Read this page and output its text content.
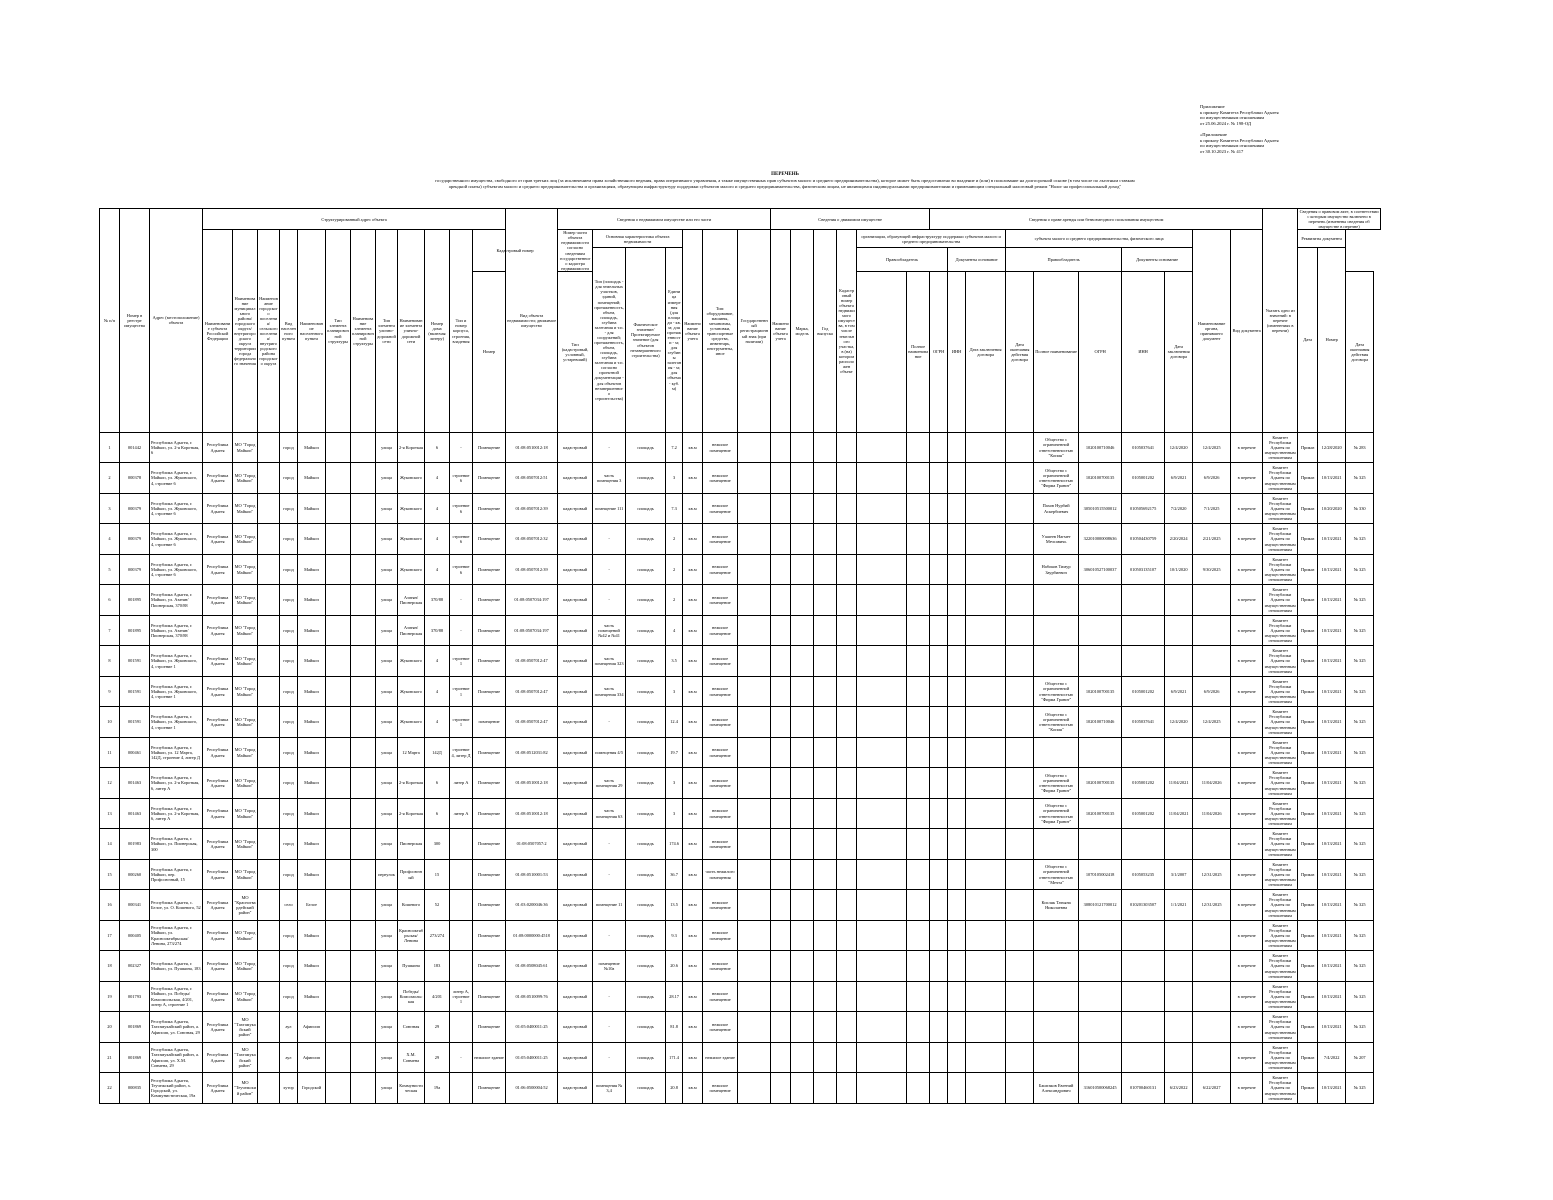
Приложение

к приказу Комитета Республики Адыгея

по имущественным отношениям

от 25.06.2024 г. № 198-ОД

«Приложение

к приказу Комитета Республики Адыгея

по имущественным отношениям

от 30.10.2023 г. № 417

ПЕРЕЧЕНЬ
государственного имущества, свободного от прав третьих лиц (за исключением права хозяйственного ведения, права оперативного управления, а также имущественных прав субъектов малого и среднего предпринимательства), которое может быть предоставлено во владение и (или) в пользование на долгосрочной основе (в том числе по льготным ставкам арендной платы) субъектам малого и среднего предпринимательства и организациям, образующим инфраструктуру поддержки субъектов малого и среднего предпринимательства, физическим лицам, не являющимся индивидуальными предпринимателями и применяющим специальный налоговый режим "Налог на профессиональный доход"
№ п/п	Номер в реестре имущества	Адрес (местоположение) объекта	Структурированный адрес объекта												Вид объекта недвижимости; движимое имущество	Сведения о недвижимом имуществе или его части							Сведения о движимом имуществе						Сведения о праве аренды или безвозмездного пользования имуществом										Указать одно из значений: в перечне (изменениях в перечни)	Сведения о правовом акте, в соответствии с которым имущество включено в перечень (изменены сведения об имуществе в перечне)		
			Наименование субъекта Российской Федерации	Наименование муниципального района/ городского округа/ внутригородского округа территории города федерального значения	Наименование городского поселения/ сельского поселения/ внутригородского района городского округа	Вид населенного пункта	Наименование населенного пункта	Тип элемента планировочной структуры	Наименование элемента планировочной структуры	Тип элемента улично-дорожной сети	Наименование элемента улично-дорожной сети	Номер дома (включая литеру)	Тип и номер корпуса, строения, владения	Кадастровый номер		Номер части объекта недвижимости согласно сведениям государственного кадастра недвижимости	Основная характеристика объекта недвижимости			Наименование объекта учета	Тип: оборудование, машины, механизмы, установки, транспортные средства, инвентарь, инструменты, иное	Государственный регистрационный знак (при наличии)	Наименование объекта учета	Марка, модель	Год выпуска	Кадастровый номер объекта недвижимого имущества, в том числе земельного участка, в (на) котором расположен объект	организации, образующей инфраструктуру поддержки субъектов малого и среднего предпринимательства					субъекта малого и среднего предпринимательства, физического лица					Наименование органа, принявшего документ	Вид документа		Реквизиты документа		
																	Тип (площадь - для земельных участков, зданий, помещений; протяженность, объем, площадь, глубина залегания и т.п. - для сооружений; протяженность, объем, площадь, глубина залегания и т.п. согласно проектной документации - для объектов незавершенного строительства)	Фактическое значение/ Проектируемое значение (для объектов незавершенного строительства)	Единица измерения (для площади - кв. м; для протяженности - м; для глубины залегания - м; для объема - куб. м)								Правообладатель			Документы основание		Правообладатель			Документы основание					Дата	Номер	
														Номер		Тип (кадастровый, условный, устаревший)												Полное наименование	ОГРН	ИНН	Дата заключения договора	Дата окончания действия договора	Полное наименование	ОГРН	ИНН	Дата заключения договора						Дата окончания действия договора

1	001442	Республика Адыгея, г. Майкоп, ул. 2-я Короткая, 6	Республика Адыгея	МО "Город Майкоп"		город	Майкоп			улица	2-я Короткая	6	-	Помещение	01:08:0510012:18	кадастровый	-	площадь	7.2	кв.м	нежилое помещение												Общество с ограниченной ответственностью "Копия"	1020100710046	0105037641	12/4/2020	12/4/2025	в перечне	Комитет Республики Адыгея по имущественным отношениям	Приказ	12/28/2020	№ 283
2	000378	Республика Адыгея, г. Майкоп, ул. Жуковского, 4, строение 6	Республика Адыгея	МО "Город Майкоп"		город	Майкоп			улица	Жуковского	4	строение 6	Помещение	01:08:0507012:51	кадастровый	часть помещения 3	площадь	3	кв.м	нежилое помещение												Общество с ограниченной ответственностью "Фирма Гранит"	1020100700135	0105001202	6/9/2021	6/9/2026	в перечне	Комитет Республики Адыгея по имущественным отношениям	Приказ	10/13/2021	№ 325
3	000379	Республика Адыгея, г. Майкоп, ул. Жуковского, 4, строение 6	Республика Адыгея	МО "Город Майкоп"		город	Майкоп			улица	Жуковского	4	строение 6	Помещение	01:08:0507012:39	кадастровый	помещение 111	площадь	7.3	кв.м	нежилое помещение												Пахов Нурбий Аскербиевич	305010515500012	010505692175	7/2/2020	7/1/2025	в перечне	Комитет Республики Адыгея по имущественным отношениям	Приказ	10/20/2020	№ 330
4	000379	Республика Адыгея, г. Майкоп, ул. Жуковского, 4, строение 6	Республика Адыгея	МО "Город Майкоп"		город	Майкоп			улица	Жуковского	4	строение 6	Помещение	01:08:0507012:32	кадастровый	-	площадь	2	кв.м	нежилое помещение												Уашеев Нагмет Мечсавичь	322010000008636	010504430759	2/20/2024	2/21/2025	в перечне	Комитет Республики Адыгея по имущественным отношениям	Приказ	10/13/2021	№ 325
5	000379	Республика Адыгея, г. Майкоп, ул. Жуковского, 4, строение 6	Республика Адыгея	МО "Город Майкоп"		город	Майкоп			улица	Жуковского	4	строение 6	Помещение	01:08:0507012:39	кадастровый	-	площадь	2	кв.м	нежилое помещение												Набоков Тимур Заурбиевич	306010527100037	010503135107	10/1/2020	9/30/2025	в перечне	Комитет Республики Адыгея по имущественным отношениям	Приказ	10/13/2021	№ 325
6	001895	Республика Адыгея, г. Майкоп, ул. Азатян/Пионерская, 370/88	Республика Адыгея	МО "Город Майкоп"		город	Майкоп			улица	Азатян/Пионерская	370/88	-	Помещение	01:08:0507034:197	кадастровый	-	площадь	2	кв.м	нежилое помещение																	в перечне	Комитет Республики Адыгея по имущественным отношениям	Приказ	10/13/2021	№ 325
7	001895	Республика Адыгея, г. Майкоп, ул. Азатян/Пионерская, 370/88	Республика Адыгея	МО "Город Майкоп"		город	Майкоп			улица	Азатян/Пионерская	370/88	-	Помещение	01:08:0507034:197	кадастровый	часть помещений №42 и №41	площадь	4	кв.м	нежилое помещение																	в перечне	Комитет Республики Адыгея по имущественным отношениям	Приказ	10/13/2021	№ 325
8	001591	Республика Адыгея, г. Майкоп, ул. Жуковского, 4, строение 1	Республика Адыгея	МО "Город Майкоп"		город	Майкоп			улица	Жуковского	4	строение 1	Помещение	01:08:0507012:47	кадастровый	часть помещения 323	площадь	3.5	кв.м	нежилое помещение																	в перечне	Комитет Республики Адыгея по имущественным отношениям	Приказ	10/13/2021	№ 325
9	001591	Республика Адыгея, г. Майкоп, ул. Жуковского, 4, строение 1	Республика Адыгея	МО "Город Майкоп"		город	Майкоп			улица	Жуковского	4	строение 1	Помещение	01:08:0507012:47	кадастровый	часть помещения 334	площадь	3	кв.м	нежилое помещение												Общество с ограниченной ответственностью "Фирма Гранит"	1020100700135	0105001202	6/9/2021	6/9/2026	в перечне	Комитет Республики Адыгея по имущественным отношениям	Приказ	10/13/2021	№ 325
10	001591	Республика Адыгея, г. Майкоп, ул. Жуковского, 4, строение 1	Республика Адыгея	МО "Город Майкоп"		город	Майкоп			улица	Жуковского	4	строение 1	помещение	01:08:0507012:47	кадастровый	-	площадь	12.4	кв.м	нежилое помещение												Общество с ограниченной ответственностью "Копия"	1020100710046	0105037641	12/4/2020	12/4/2025	в перечне	Комитет Республики Адыгея по имущественным отношениям	Приказ	10/13/2021	№ 325
11	000461	Республика Адыгея, г. Майкоп, ул. 12 Марта, 142Д, строение 4, литер Д	Республика Адыгея	МО "Город Майкоп"		город	Майкоп			улица	12 Марта	142Д	строение 4, литер Д	Помещение	01:08:0512031:82	кадастровый	помещения 4/5	площадь	19.7	кв.м	нежилое помещение																	в перечне	Комитет Республики Адыгея по имущественным отношениям	Приказ	10/13/2021	№ 325
12	001463	Республика Адыгея, г. Майкоп, ул. 2-я Короткая, 6, литер А	Республика Адыгея	МО "Город Майкоп"		город	Майкоп			улица	2-я Короткая	6	литер А	Помещение	01:08:0510012:18	кадастровый	часть помещения 29	площадь	3	кв.м	нежилое помещение												Общество с ограниченной ответственностью "Фирма Гранит"	1020100700135	0105001202	11/04/2021	11/04/2026	в перечне	Комитет Республики Адыгея по имущественным отношениям	Приказ	10/13/2021	№ 325
13	001463	Республика Адыгея, г. Майкоп, ул. 2-я Короткая, 6, литер А	Республика Адыгея	МО "Город Майкоп"		город	Майкоп			улица	2-я Короткая	6	литер А	Помещение	01:08:0510012:18	кадастровый	часть помещения 63	площадь	3	кв.м	нежилое помещение												Общество с ограниченной ответственностью "Фирма Гранит"	1020100700135	0105001202	11/04/2021	11/04/2026	в перечне	Комитет Республики Адыгея по имущественным отношениям	Приказ	10/13/2021	№ 325
14	001983	Республика Адыгея, г. Майкоп, ул. Пионерская, 300	Республика Адыгея	МО "Город Майкоп"		город	Майкоп			улица	Пионерская	300		Помещение	01:08:0507057:2	кадастровый	-	площадь	174.6	кв.м	нежилое помещение																	в перечне	Комитет Республики Адыгея по имущественным отношениям	Приказ	10/13/2021	№ 325
15	000260	Республика Адыгея, г. Майкоп, пер. Профсоюзный, 15	Республика Адыгея	МО "Город Майкоп"		город	Майкоп			переулок	Профсоюзный	15		Помещение	01:08:0510001:53	кадастровый	-	площадь	36.7	кв.м	часть нежилого помещения												Общество с ограниченной ответственностью "Мечта"	1070105002418	0105053235	3/1/2007	12/31/2025	в перечне	Комитет Республики Адыгея по имущественным отношениям	Приказ	10/13/2021	№ 325
16	000341	Республика Адыгея, с. Белое, ул. О. Кошевого, 52	Республика Адыгея	МО "Красногвардейский район"		село	Белое			улица	Кошевого	52		Помещение	01:03:0200046:36	кадастровый	помещение 11	площадь	13.5	кв.м	нежилое помещение												Кисляк Татьяна Николаевна	308010121700012	010201303507	1/1/2021	12/31/2025	в перечне	Комитет Республики Адыгея по имущественным отношениям	Приказ	10/13/2021	№ 325
17	000405	Республика Адыгея, г. Майкоп, ул. Краснооктябрьская/Ленина, 273/274	Республика Адыгея	МО "Город Майкоп"		город	Майкоп			улица	Краснооктябрьская/Ленина	273/274		Помещение	01:08:0000000:4518	кадастровый	-	площадь	9.3	кв.м	нежилое помещение																	в перечне	Комитет Республики Адыгея по имущественным отношениям	Приказ	10/13/2021	№ 325
18	002327	Республика Адыгея, г. Майкоп, ул. Пушкина, 183	Республика Адыгея	МО "Город Майкоп"		город	Майкоп			улица	Пушкина	183		Помещение	01:08:0508045:61	кадастровый	помещение №10а	площадь	20.6	кв.м	нежилое помещение																	в перечне	Комитет Республики Адыгея по имущественным отношениям	Приказ	10/13/2021	№ 325
19	001793	Республика Адыгея, г. Майкоп, ул. Победы/Комсомольская, 4/201, литер А, строение 1	Республика Адыгея	МО "Город Майкоп"		город	Майкоп			улица	Победы/Комсомольская	4/201	литер А, строение 1	Помещение	01:08:0510099:76	кадастровый	-	площадь	28.17	кв.м	нежилое помещение																	в перечне	Комитет Республики Адыгея по имущественным отношениям	Приказ	10/13/2021	№ 325
20	001869	Республика Адыгея, Тахтамукайский район, а. Афипсип, ул. Союзная, 29	Республика Адыгея	МО "Тахтамукайский район"		аул	Афипсип			улица	Союзная	29		Помещение	01:05:0400011:25	кадастровый	-	площадь	81.8	кв.м	нежилое помещение																	в перечне	Комитет Республики Адыгея по имущественным отношениям	Приказ	10/13/2021	№ 325
21	001869	Республика Адыгея, Тахтамукайский район, а. Афипсип, ул. Х.М. Совмена, 29	Республика Адыгея	МО "Тахтамукайский район"		аул	Афипсип			улица	Х.М. Совмена	29	-	нежилое здание	01:05:0400011:25	кадастровый	-	площадь	171.4	кв.м	нежилое здание																	в перечне	Комитет Республики Адыгея по имущественным отношениям	Приказ	7/4/2022	№ 207
22	000835	Республика Адыгея, Теучежский район, х. Городской, ул. Коммунистическая, 19а	Республика Адыгея	МО "Теучежский район"		хутор	Городской			улица	Коммунистическая	19а		Помещение	01:06:0500004:52	кадастровый	помещения № 3,4	площадь	20.8	кв.м	нежилое помещение												Бжигаков Евгений Александрович	316010500068245	010700460131	6/23/2022	6/22/2027	в перечне	Комитет Республики Адыгея по имущественным отношениям	Приказ	10/13/2021	№ 325
